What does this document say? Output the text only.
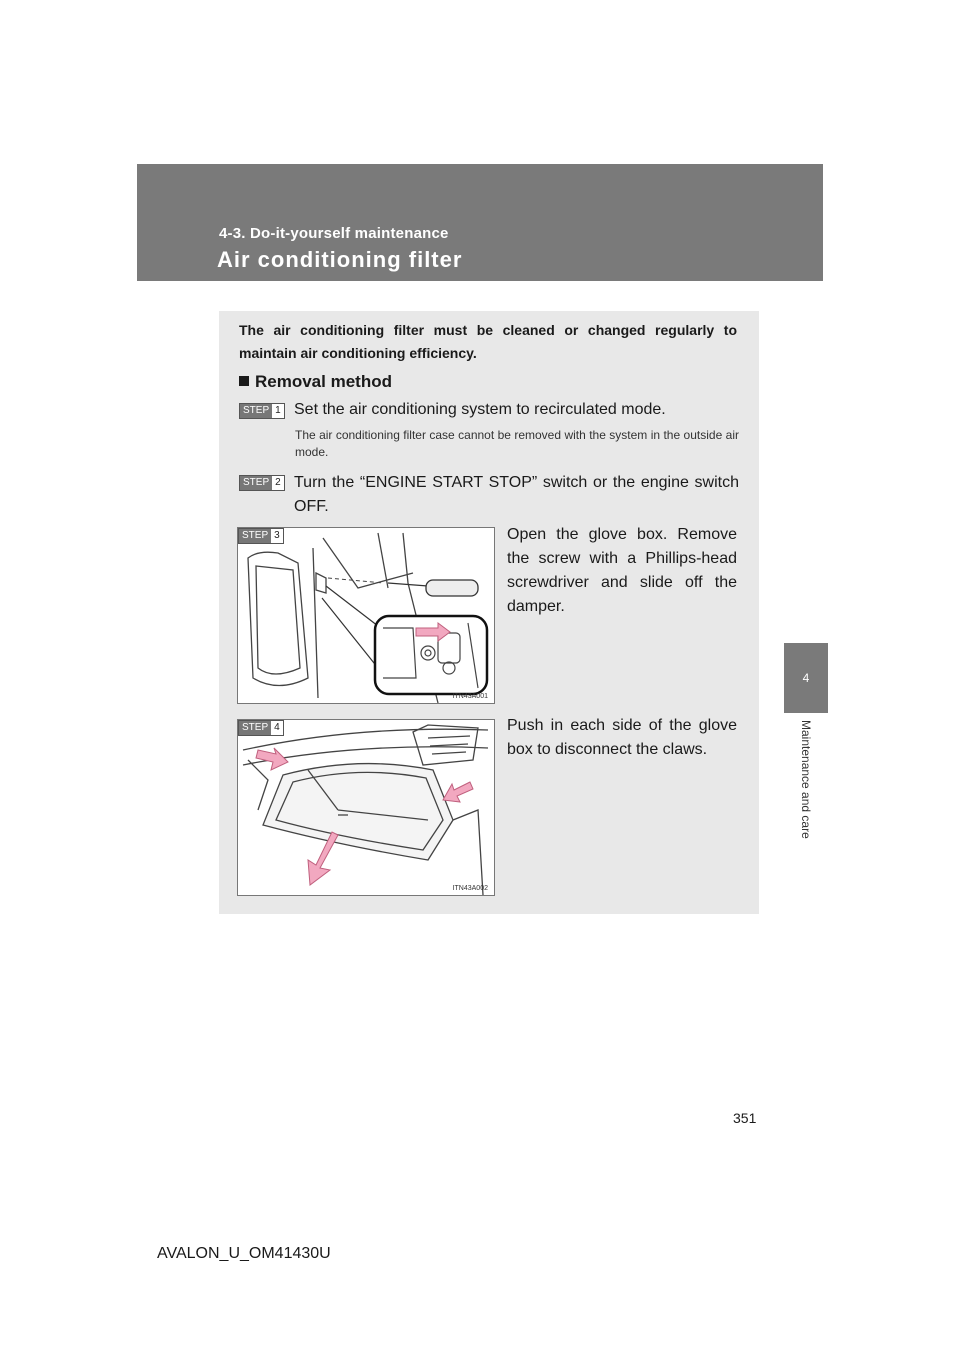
4-3. Do-it-yourself maintenance
Air conditioning filter
4
Maintenance and care
The air conditioning filter must be cleaned or changed regularly to maintain air conditioning efficiency.
Removal method
STEP 1 Set the air conditioning system to recirculated mode.
The air conditioning filter case cannot be removed with the system in the outside air mode.
STEP 2 Turn the “ENGINE START STOP” switch or the engine switch OFF.
STEP 3
ITN43A001
Open the glove box. Remove the screw with a Phillips-head screwdriver and slide off the damper.
STEP 4
ITN43A002
Push in each side of the glove box to disconnect the claws.
351
AVALON_U_OM41430U
